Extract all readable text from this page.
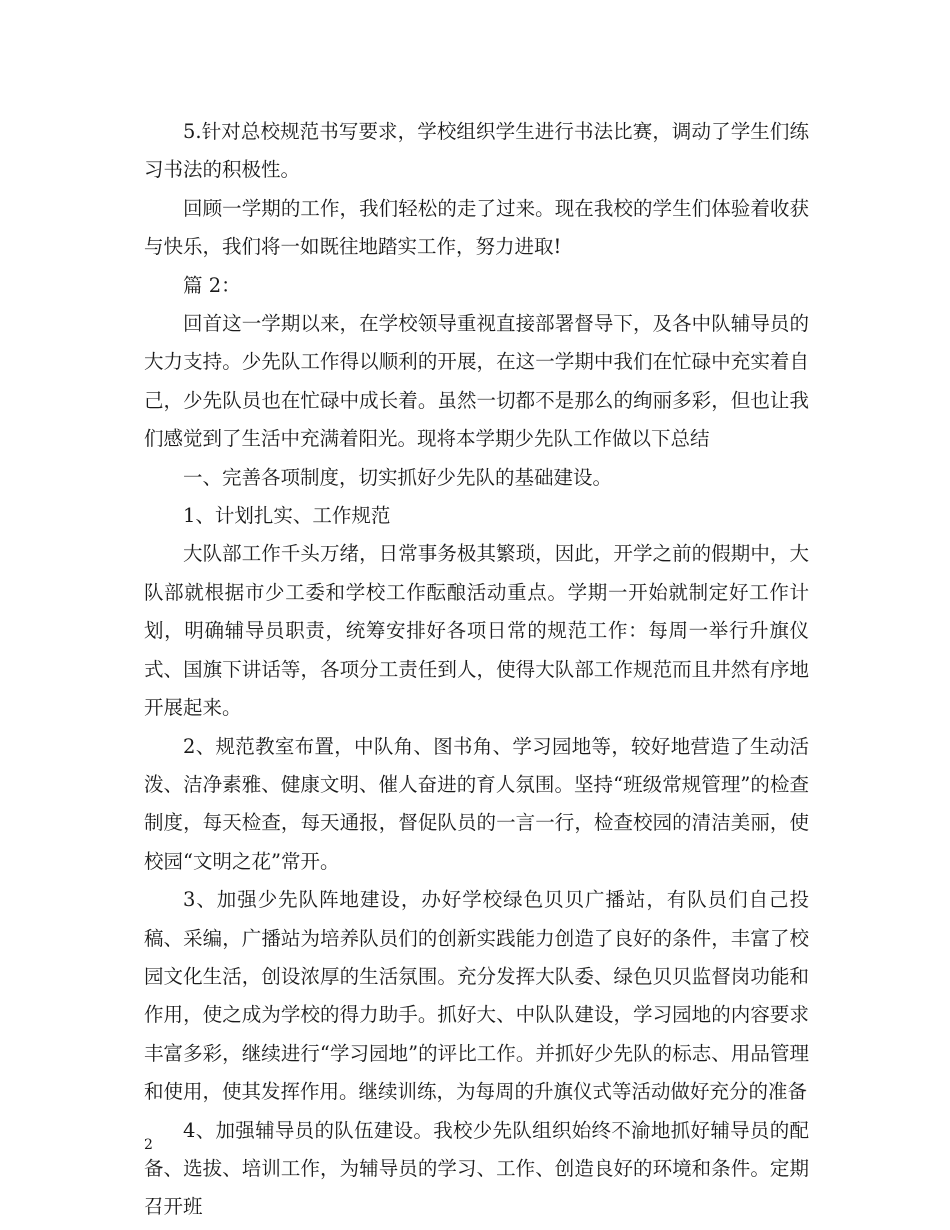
5.针对总校规范书写要求，学校组织学生进行书法比赛，调动了学生们练习书法的积极性。

回顾一学期的工作，我们轻松的走了过来。现在我校的学生们体验着收获与快乐，我们将一如既往地踏实工作，努力进取!

篇 2：

回首这一学期以来，在学校领导重视直接部署督导下，及各中队辅导员的大力支持。少先队工作得以顺利的开展，在这一学期中我们在忙碌中充实着自己，少先队员也在忙碌中成长着。虽然一切都不是那么的绚丽多彩，但也让我们感觉到了生活中充满着阳光。现将本学期少先队工作做以下总结

一、完善各项制度，切实抓好少先队的基础建设。

1、计划扎实、工作规范

大队部工作千头万绪，日常事务极其繁琐，因此，开学之前的假期中，大队部就根据市少工委和学校工作酝酿活动重点。学期一开始就制定好工作计划，明确辅导员职责，统筹安排好各项日常的规范工作：每周一举行升旗仪式、国旗下讲话等，各项分工责任到人，使得大队部工作规范而且井然有序地开展起来。

2、规范教室布置，中队角、图书角、学习园地等，较好地营造了生动活泼、洁净素雅、健康文明、催人奋进的育人氛围。坚持“班级常规管理”的检查制度，每天检查，每天通报，督促队员的一言一行，检查校园的清洁美丽，使校园“文明之花”常开。

3、加强少先队阵地建设，办好学校绿色贝贝广播站，有队员们自己投稿、采编，广播站为培养队员们的创新实践能力创造了良好的条件，丰富了校园文化生活，创设浓厚的生活氛围。充分发挥大队委、绿色贝贝监督岗功能和作用，使之成为学校的得力助手。抓好大、中队队建设，学习园地的内容要求丰富多彩，继续进行“学习园地”的评比工作。并抓好少先队的标志、用品管理和使用，使其发挥作用。继续训练，为每周的升旗仪式等活动做好充分的准备

4、加强辅导员的队伍建设。我校少先队组织始终不渝地抓好辅导员的配备、选拔、培训工作，为辅导员的学习、工作、创造良好的环境和条件。定期召开班

2
